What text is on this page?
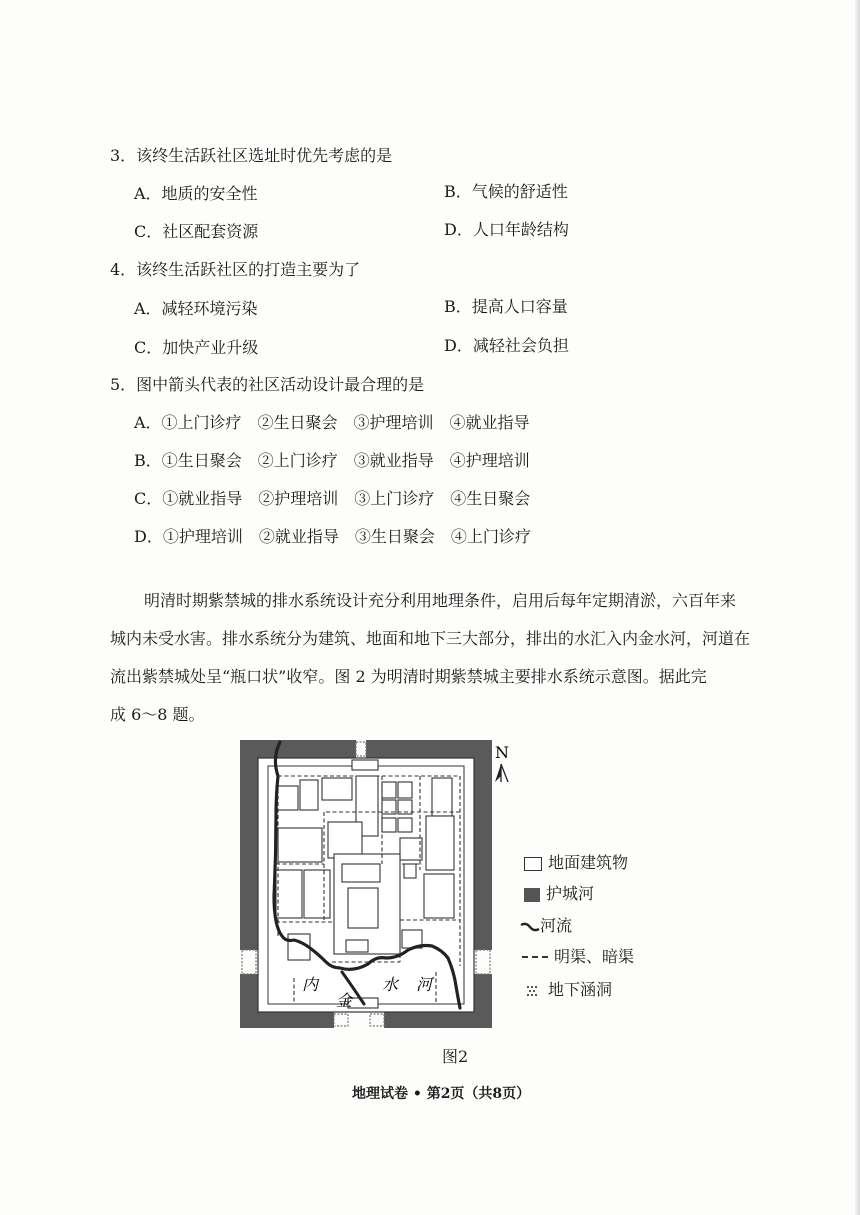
3．该终生活跃社区选址时优先考虑的是
A．地质的安全性	B．气候的舒适性
C．社区配套资源	D．人口年龄结构
4．该终生活跃社区的打造主要为了
A．减轻环境污染	B．提高人口容量
C．加快产业升级	D．减轻社会负担
5．图中箭头代表的社区活动设计最合理的是
A．①上门诊疗　②生日聚会　③护理培训　④就业指导
B．①生日聚会　②上门诊疗　③就业指导　④护理培训
C．①就业指导　②护理培训　③上门诊疗　④生日聚会
D．①护理培训　②就业指导　③生日聚会　④上门诊疗
明清时期紫禁城的排水系统设计充分利用地理条件，启用后每年定期清淤，六百年来
城内未受水害。排水系统分为建筑、地面和地下三大部分，排出的水汇入内金水河，河道在
流出紫禁城处呈“瓶口状”收窄。图 2 为明清时期紫禁城主要排水系统示意图。据此完
成 6～8 题。
内
金
水 河
N
地面建筑物
护城河
河流
明渠、暗渠
地下涵洞
图2
地理试卷 • 第2页（共8页）
